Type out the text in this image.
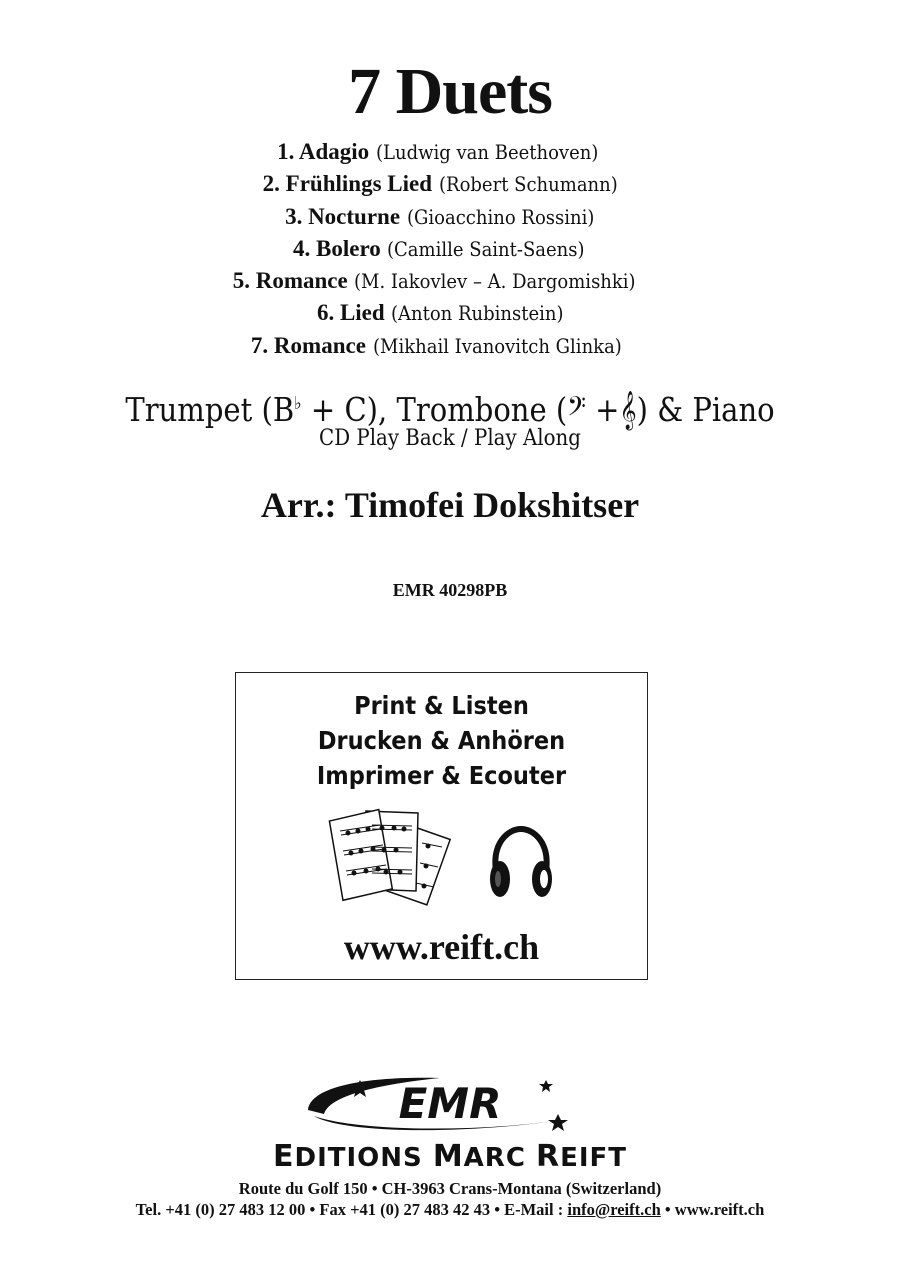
7 Duets
1. Adagio (Ludwig van Beethoven)
2. Frühlings Lied (Robert Schumann)
3. Nocturne (Gioacchino Rossini)
4. Bolero (Camille Saint-Saens)
5. Romance (M. Iakovlev – A. Dargomishki)
6. Lied (Anton Rubinstein)
7. Romance (Mikhail Ivanovitch Glinka)
Trumpet (B♭ + C), Trombone (𝄢 +𝄞) & Piano
CD Play Back / Play Along
Arr.: Timofei Dokshitser
EMR 40298PB
Print & Listen
Drucken & Anhören
Imprimer & Ecouter
www.reift.ch
EMR
EDITIONS MARC REIFT
Route du Golf 150 • CH-3963 Crans-Montana (Switzerland)
Tel. +41 (0) 27 483 12 00 • Fax +41 (0) 27 483 42 43 • E-Mail : info@reift.ch • www.reift.ch
